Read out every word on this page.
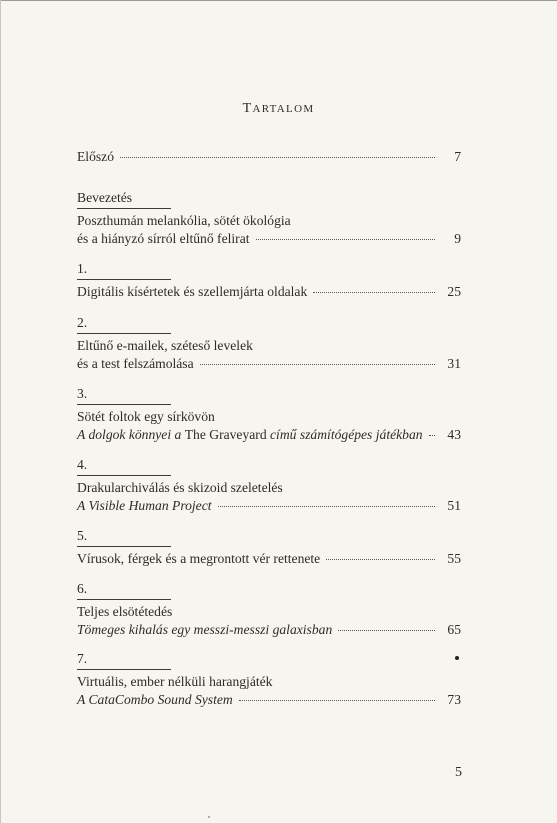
TARTALOM
Előszó	7
Bevezetés
Poszthumán melankólia, sötét ökológia
és a hiányzó sírról eltűnő felirat	9
1.
Digitális kísértetek és szellemjárta oldalak	25
2.
Eltűnő e-mailek, széteső levelek
és a test felszámolása	31
3.
Sötét foltok egy sírkövön
A dolgok könnyei a The Graveyard című számítógépes játékban	43
4.
Drakularchiválás és skizoid szeletelés
A Visible Human Project	51
5.
Vírusok, férgek és a megrontott vér rettenete	55
6.
Teljes elsötétedés
Tömeges kihalás egy messzi-messzi galaxisban	65
7.
Virtuális, ember nélküli harangjáték
A CataCombo Sound System	73
5
